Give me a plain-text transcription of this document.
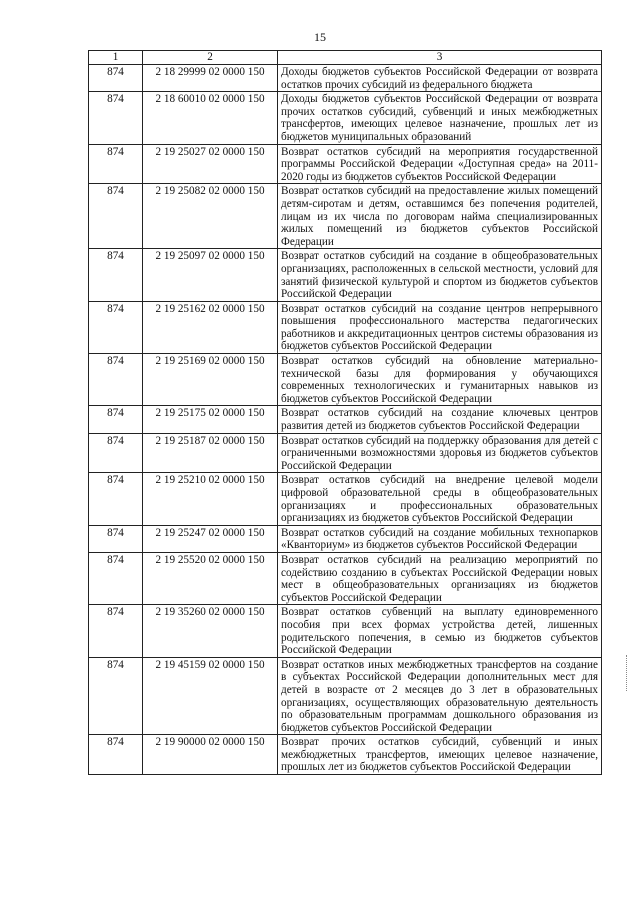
15
1	2	3
874	2 18 29999 02 0000 150	Доходы бюджетов субъектов Российской Федерации от возврата остатков прочих субсидий из федерального бюджета
874	2 18 60010 02 0000 150	Доходы бюджетов субъектов Российской Федерации от возврата прочих остатков субсидий, субвенций и иных межбюджетных трансфертов, имеющих целевое назначение, прошлых лет из бюджетов муниципальных образований
874	2 19 25027 02 0000 150	Возврат остатков субсидий на мероприятия государственной программы Российской Федерации «Доступная среда» на 2011-2020 годы из бюджетов субъектов Российской Федерации
874	2 19 25082 02 0000 150	Возврат остатков субсидий на предоставление жилых помещений детям-сиротам и детям, оставшимся без попечения родителей, лицам из их числа по договорам найма специализированных жилых помещений из бюджетов субъектов Российской Федерации
874	2 19 25097 02 0000 150	Возврат остатков субсидий на создание в общеобразовательных организациях, расположенных в сельской местности, условий для занятий физической культурой и спортом из бюджетов субъектов Российской Федерации
874	2 19 25162 02 0000 150	Возврат остатков субсидий на создание центров непрерывного повышения профессионального мастерства педагогических работников и аккредитационных центров системы образования из бюджетов субъектов Российской Федерации
874	2 19 25169 02 0000 150	Возврат остатков субсидий на обновление материально-технической базы для формирования у обучающихся современных технологических и гуманитарных навыков из бюджетов субъектов Российской Федерации
874	2 19 25175 02 0000 150	Возврат остатков субсидий на создание ключевых центров развития детей из бюджетов субъектов Российской Федерации
874	2 19 25187 02 0000 150	Возврат остатков субсидий на поддержку образования для детей с ограниченными возможностями здоровья из бюджетов субъектов Российской Федерации
874	2 19 25210 02 0000 150	Возврат остатков субсидий на внедрение целевой модели цифровой образовательной среды в общеобразовательных организациях и профессиональных образовательных организациях из бюджетов субъектов Российской Федерации
874	2 19 25247 02 0000 150	Возврат остатков субсидий на создание мобильных технопарков «Кванториум» из бюджетов субъектов Российской Федерации
874	2 19 25520 02 0000 150	Возврат остатков субсидий на реализацию мероприятий по содействию созданию в субъектах Российской Федерации новых мест в общеобразовательных организациях из бюджетов субъектов Российской Федерации
874	2 19 35260 02 0000 150	Возврат остатков субвенций на выплату единовременного пособия при всех формах устройства детей, лишенных родительского попечения, в семью из бюджетов субъектов Российской Федерации
874	2 19 45159 02 0000 150	Возврат остатков иных межбюджетных трансфертов на создание в субъектах Российской Федерации дополнительных мест для детей в возрасте от 2 месяцев до 3 лет в образовательных организациях, осуществляющих образовательную деятельность по образовательным программам дошкольного образования из бюджетов субъектов Российской Федерации
874	2 19 90000 02 0000 150	Возврат прочих остатков субсидий, субвенций и иных межбюджетных трансфертов, имеющих целевое назначение, прошлых лет из бюджетов субъектов Российской Федерации
